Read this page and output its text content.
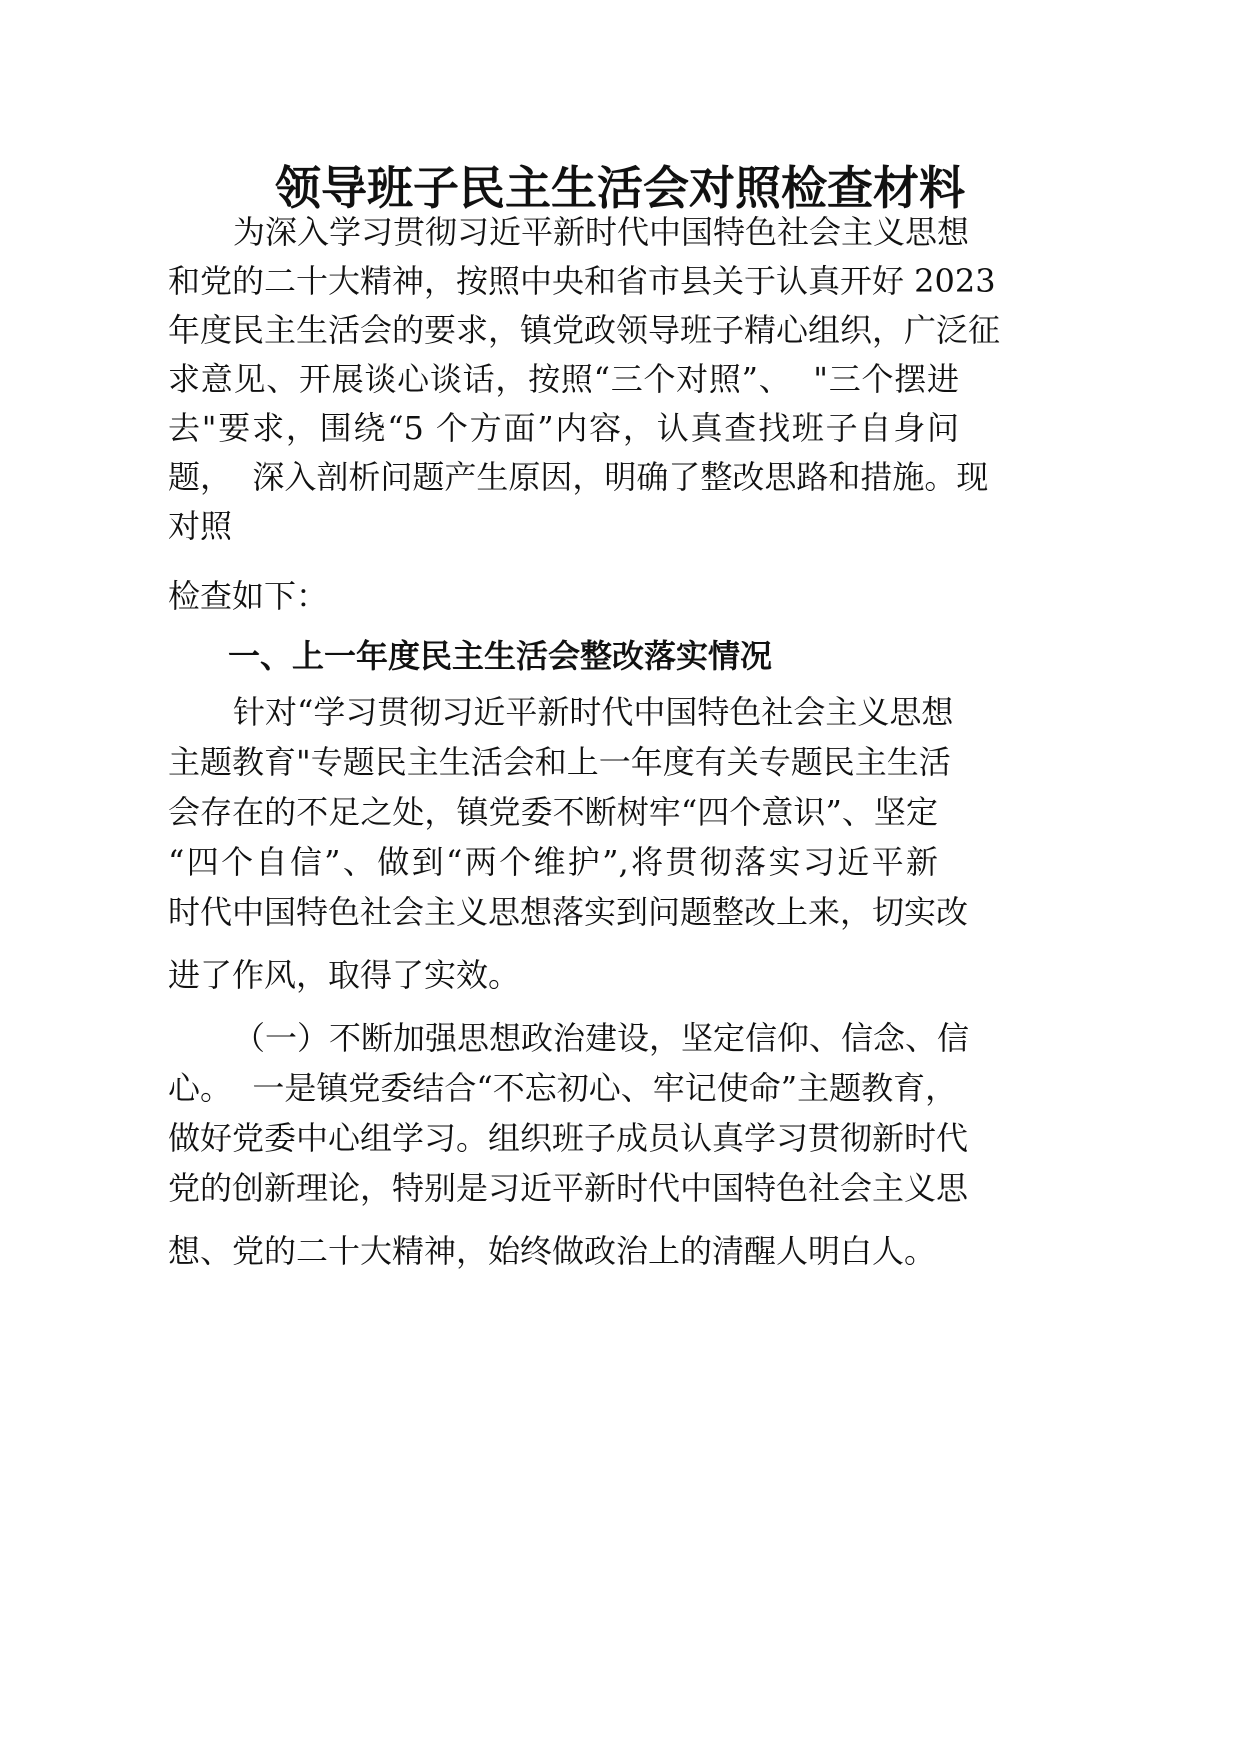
领导班子民主生活会对照检查材料

为深入学习贯彻习近平新时代中国特色社会主义思想

和党的二十大精神，按照中央和省市县关于认真开好 2023

年度民主生活会的要求，镇党政领导班子精心组织，广泛征

求意见、开展谈心谈话，按照“三个对照”、  "三个摆进

去"要求，围绕“5 个方面”内容，认真查找班子自身问

题，  深入剖析问题产生原因，明确了整改思路和措施。现

对照

检查如下：

一、上一年度民主生活会整改落实情况

针对“学习贯彻习近平新时代中国特色社会主义思想

主题教育"专题民主生活会和上一年度有关专题民主生活

会存在的不足之处，镇党委不断树牢“四个意识”、坚定

“四个自信”、做到“两个维护”,将贯彻落实习近平新

时代中国特色社会主义思想落实到问题整改上来，切实改

进了作风，取得了实效。

（一）不断加强思想政治建设，坚定信仰、信念、信

心。  一是镇党委结合“不忘初心、牢记使命”主题教育，

做好党委中心组学习。组织班子成员认真学习贯彻新时代

党的创新理论，特别是习近平新时代中国特色社会主义思

想、党的二十大精神，始终做政治上的清醒人明白人。
